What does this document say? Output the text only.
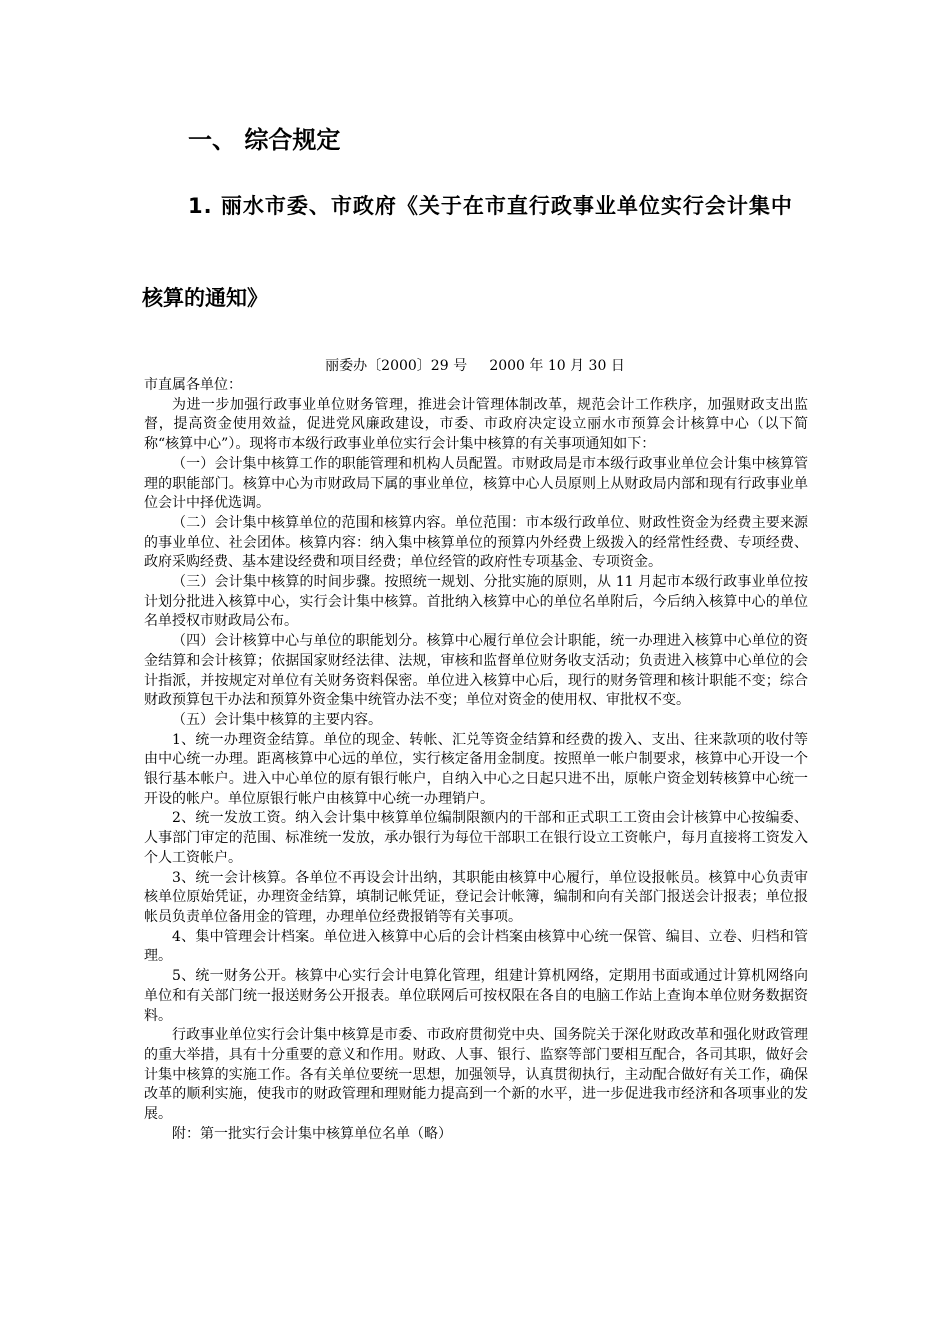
一、 综合规定
1. 丽水市委、市政府《关于在市直行政事业单位实行会计集中
核算的通知》
丽委办〔2000〕29 号     2000 年 10 月 30 日

市直属各单位：

为进一步加强行政事业单位财务管理，推进会计管理体制改革，规范会计工作秩序，加强财政支出监督，提高资金使用效益，促进党风廉政建设，市委、市政府决定设立丽水市预算会计核算中心（以下简称“核算中心”）。现将市本级行政事业单位实行会计集中核算的有关事项通知如下：

（一）会计集中核算工作的职能管理和机构人员配置。市财政局是市本级行政事业单位会计集中核算管理的职能部门。核算中心为市财政局下属的事业单位，核算中心人员原则上从财政局内部和现有行政事业单位会计中择优选调。

（二）会计集中核算单位的范围和核算内容。单位范围：市本级行政单位、财政性资金为经费主要来源的事业单位、社会团体。核算内容：纳入集中核算单位的预算内外经费上级拨入的经常性经费、专项经费、政府采购经费、基本建设经费和项目经费；单位经管的政府性专项基金、专项资金。

（三）会计集中核算的时间步骤。按照统一规划、分批实施的原则，从 11 月起市本级行政事业单位按计划分批进入核算中心，实行会计集中核算。首批纳入核算中心的单位名单附后，今后纳入核算中心的单位名单授权市财政局公布。

（四）会计核算中心与单位的职能划分。核算中心履行单位会计职能，统一办理进入核算中心单位的资金结算和会计核算；依据国家财经法律、法规，审核和监督单位财务收支活动；负责进入核算中心单位的会计指派，并按规定对单位有关财务资料保密。单位进入核算中心后，现行的财务管理和核计职能不变；综合财政预算包干办法和预算外资金集中统管办法不变；单位对资金的使用权、审批权不变。

（五）会计集中核算的主要内容。

1、统一办理资金结算。单位的现金、转帐、汇兑等资金结算和经费的拨入、支出、往来款项的收付等由中心统一办理。距离核算中心远的单位，实行核定备用金制度。按照单一帐户制要求，核算中心开设一个银行基本帐户。进入中心单位的原有银行帐户，自纳入中心之日起只进不出，原帐户资金划转核算中心统一开设的帐户。单位原银行帐户由核算中心统一办理销户。

2、统一发放工资。纳入会计集中核算单位编制限额内的干部和正式职工工资由会计核算中心按编委、人事部门审定的范围、标准统一发放，承办银行为每位干部职工在银行设立工资帐户，每月直接将工资发入个人工资帐户。

3、统一会计核算。各单位不再设会计出纳，其职能由核算中心履行，单位设报帐员。核算中心负责审核单位原始凭证，办理资金结算，填制记帐凭证，登记会计帐簿，编制和向有关部门报送会计报表；单位报帐员负责单位备用金的管理，办理单位经费报销等有关事项。

4、集中管理会计档案。单位进入核算中心后的会计档案由核算中心统一保管、编目、立卷、归档和管理。

5、统一财务公开。核算中心实行会计电算化管理，组建计算机网络，定期用书面或通过计算机网络向单位和有关部门统一报送财务公开报表。单位联网后可按权限在各自的电脑工作站上查询本单位财务数据资料。

行政事业单位实行会计集中核算是市委、市政府贯彻党中央、国务院关于深化财政改革和强化财政管理的重大举措，具有十分重要的意义和作用。财政、人事、银行、监察等部门要相互配合，各司其职，做好会计集中核算的实施工作。各有关单位要统一思想，加强领导，认真贯彻执行，主动配合做好有关工作，确保改革的顺利实施，使我市的财政管理和理财能力提高到一个新的水平，进一步促进我市经济和各项事业的发展。

附：第一批实行会计集中核算单位名单（略）
